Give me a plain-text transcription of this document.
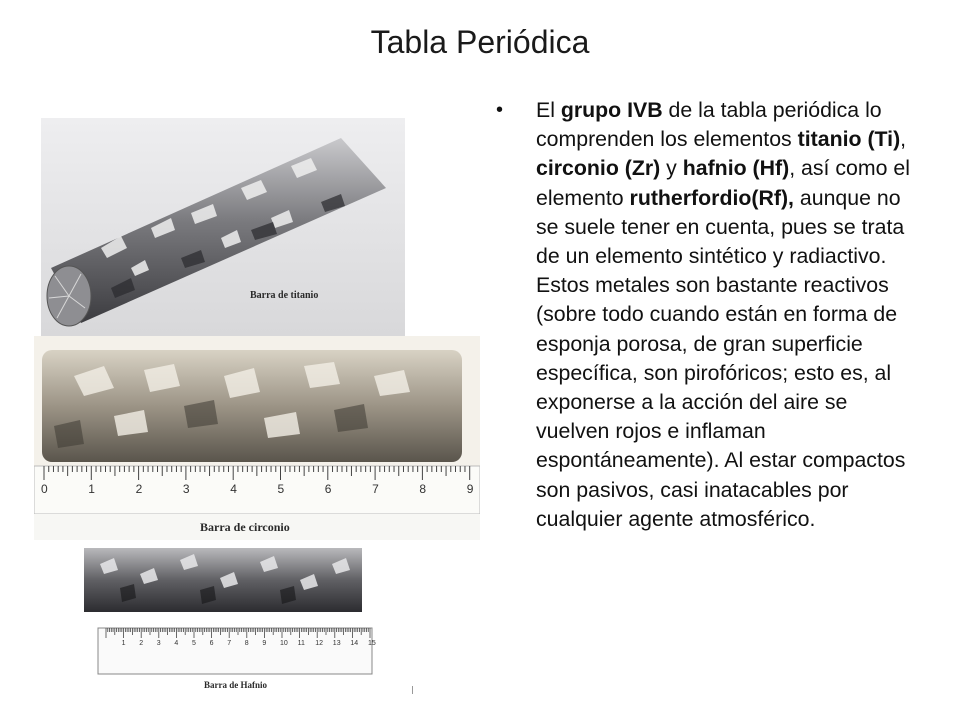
Tabla Periódica
Barra de titanio
0	1	2	3	4	5	6	7	8	9
Barra de circonio
1 2 3 4 5 6 7 8 9 10 11 12 13 14 15
Barra de Hafnio
• El grupo IVB de la tabla periódica lo comprenden los elementos titanio (Ti), circonio (Zr) y hafnio (Hf), así como el elemento rutherfordio(Rf), aunque no se suele tener en cuenta, pues se trata de un elemento sintético y radiactivo. Estos metales son bastante reactivos (sobre todo cuando están en forma de esponja porosa, de gran superficie específica, son pirofóricos; esto es, al exponerse a la acción del aire se vuelven rojos e inflaman espontáneamente). Al estar compactos son pasivos, casi inatacables por cualquier agente atmosférico.
